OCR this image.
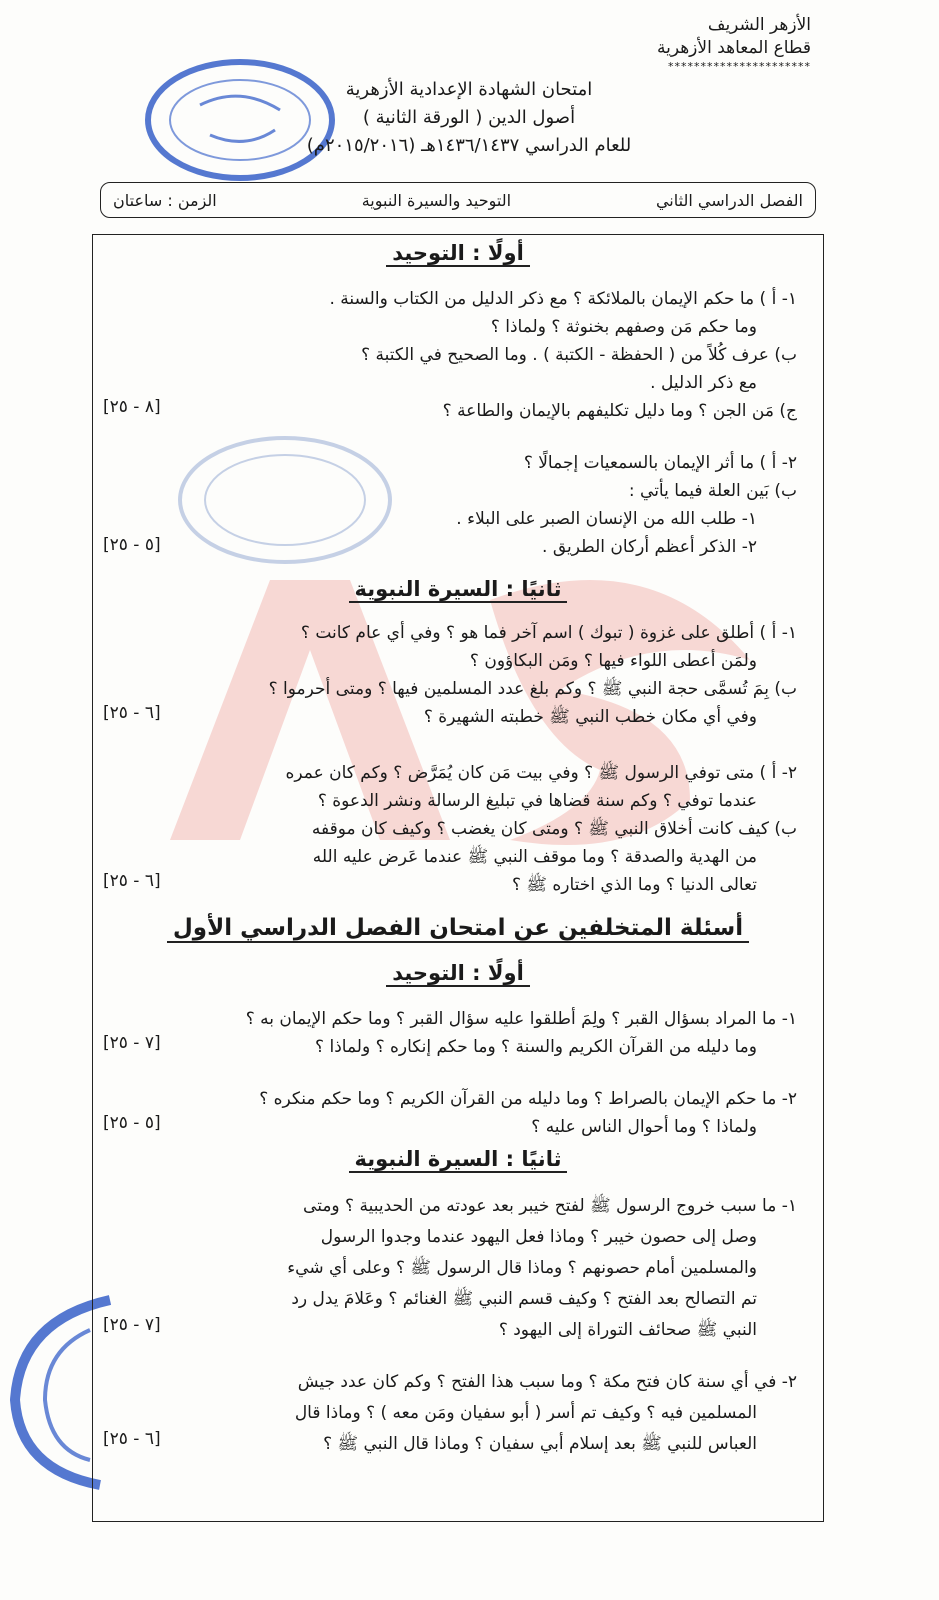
الأزهر الشريف
قطاع المعاهد الأزهرية
**********************
امتحان الشهادة الإعدادية الأزهرية
أصول الدين ( الورقة الثانية )
للعام الدراسي ١٤٣٦/١٤٣٧هـ (٢٠١٥/٢٠١٦م)
الفصل الدراسي الثاني
التوحيد والسيرة النبوية
الزمن : ساعتان
أولًا : التوحيد
١- أ ) ما حكم الإيمان بالملائكة ؟ مع ذكر الدليل من الكتاب والسنة .
وما حكم مَن وصفهم بخنوثة ؟ ولماذا ؟
ب) عرف كُلاً من ( الحفظة - الكتبة ) . وما الصحيح في الكتبة ؟
مع ذكر الدليل .
ج) مَن الجن ؟ وما دليل تكليفهم بالإيمان والطاعة ؟
[٨ - ٢٥]
٢- أ ) ما أثر الإيمان بالسمعيات إجمالًا ؟
ب) بَين العلة فيما يأتي :
١- طلب الله من الإنسان الصبر على البلاء .
٢- الذكر أعظم أركان الطريق .
[٥ - ٢٥]
ثانيًا : السيرة النبوية
١- أ ) أطلق على غزوة ( تبوك ) اسم آخر فما هو ؟ وفي أي عام كانت ؟
ولمَن أعطى اللواء فيها ؟ ومَن البكاؤون ؟
ب) بِمَ تُسمَّى حجة النبي ﷺ ؟ وكم بلغ عدد المسلمين فيها ؟ ومتى أحرموا ؟
وفي أي مكان خطب النبي ﷺ خطبته الشهيرة ؟
[٦ - ٢٥]
٢- أ ) متى توفي الرسول ﷺ ؟ وفي بيت مَن كان يُمَرَّض ؟ وكم كان عمره
عندما توفي ؟ وكم سنة قضاها في تبليغ الرسالة ونشر الدعوة ؟
ب) كيف كانت أخلاق النبي ﷺ ؟ ومتى كان يغضب ؟ وكيف كان موقفه
من الهدية والصدقة ؟ وما موقف النبي ﷺ عندما عَرض عليه الله
تعالى الدنيا ؟ وما الذي اختاره ﷺ ؟
[٦ - ٢٥]
أسئلة المتخلفين عن امتحان الفصل الدراسي الأول
أولًا : التوحيد
١- ما المراد بسؤال القبر ؟ ولِمَ أطلقوا عليه سؤال القبر ؟ وما حكم الإيمان به ؟
وما دليله من القرآن الكريم والسنة ؟ وما حكم إنكاره ؟ ولماذا ؟
[٧ - ٢٥]
٢- ما حكم الإيمان بالصراط ؟ وما دليله من القرآن الكريم ؟ وما حكم منكره ؟
ولماذا ؟ وما أحوال الناس عليه ؟
[٥ - ٢٥]
ثانيًا : السيرة النبوية
١- ما سبب خروج الرسول ﷺ لفتح خيبر بعد عودته من الحديبية ؟ ومتى
وصل إلى حصون خيبر ؟ وماذا فعل اليهود عندما وجدوا الرسول
والمسلمين أمام حصونهم ؟ وماذا قال الرسول ﷺ ؟ وعلى أي شيء
تم التصالح بعد الفتح ؟ وكيف قسم النبي ﷺ الغنائم ؟ وعَلامَ يدل رد
النبي ﷺ صحائف التوراة إلى اليهود ؟
[٧ - ٢٥]
٢- في أي سنة كان فتح مكة ؟ وما سبب هذا الفتح ؟ وكم كان عدد جيش
المسلمين فيه ؟ وكيف تم أسر ( أبو سفيان ومَن معه ) ؟ وماذا قال
العباس للنبي ﷺ بعد إسلام أبي سفيان ؟ وماذا قال النبي ﷺ ؟
[٦ - ٢٥]
